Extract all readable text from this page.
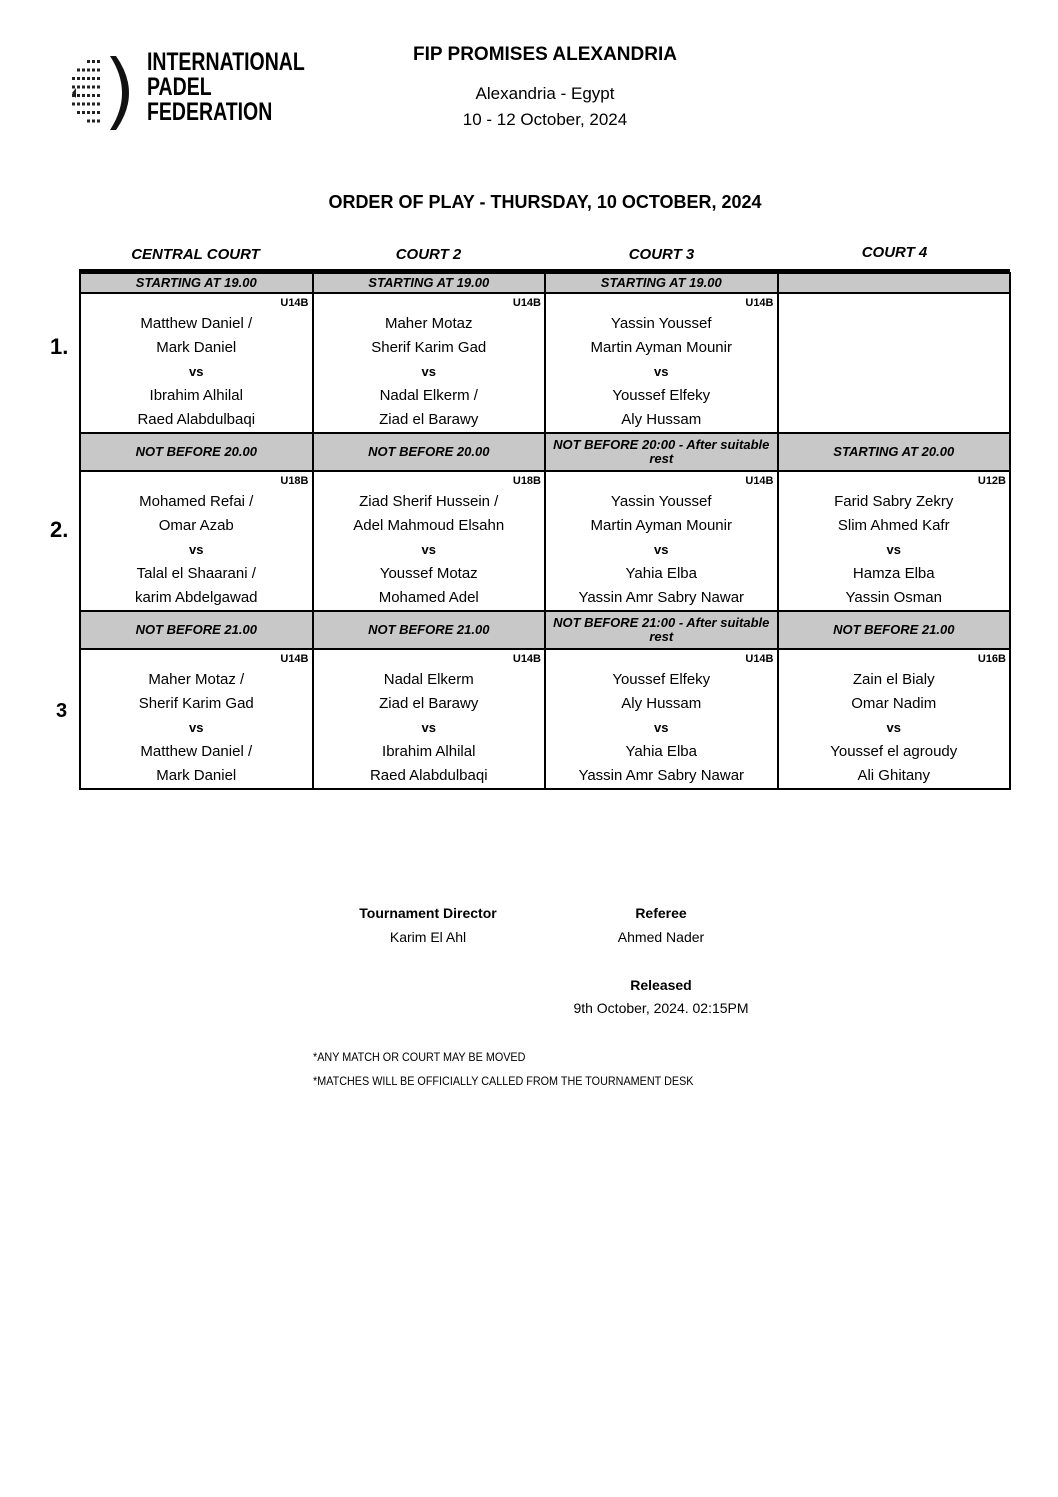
INTERNATIONAL
PADEL
FEDERATION
FIP PROMISES ALEXANDRIA
Alexandria - Egypt
10 - 12 October, 2024
ORDER OF PLAY - THURSDAY, 10 OCTOBER, 2024
CENTRAL COURT	COURT 2	COURT 3	COURT 4
STARTING AT 19.00	STARTING AT 19.00	STARTING AT 19.00	
U14B	U14B	U14B	
Matthew Daniel /	Maher Motaz	Yassin Youssef	
Mark Daniel	Sherif Karim Gad	Martin Ayman Mounir	
vs	vs	vs	
Ibrahim Alhilal	Nadal Elkerm /	Youssef Elfeky	
Raed Alabdulbaqi	Ziad el Barawy	Aly Hussam	
NOT BEFORE 20.00	NOT BEFORE 20.00	NOT BEFORE 20:00 - After suitable rest	STARTING AT 20.00
U18B	U18B	U14B	U12B
Mohamed Refai /	Ziad Sherif Hussein /	Yassin Youssef	Farid Sabry Zekry
Omar Azab	Adel Mahmoud Elsahn	Martin Ayman Mounir	Slim Ahmed Kafr
vs	vs	vs	vs
Talal el Shaarani /	Youssef Motaz	Yahia Elba	Hamza Elba
karim Abdelgawad	Mohamed Adel	Yassin Amr Sabry Nawar	Yassin Osman
NOT BEFORE 21.00	NOT BEFORE 21.00	NOT BEFORE 21:00 - After suitable rest	NOT BEFORE 21.00
U14B	U14B	U14B	U16B
Maher Motaz /	Nadal Elkerm	Youssef Elfeky	Zain el Bialy
Sherif Karim Gad	Ziad el Barawy	Aly Hussam	Omar Nadim
vs	vs	vs	vs
Matthew Daniel /	Ibrahim Alhilal	Yahia Elba	Youssef el agroudy
Mark Daniel	Raed Alabdulbaqi	Yassin Amr Sabry Nawar	Ali Ghitany
1.
2.
3
Tournament Director
Karim El Ahl
Referee
Ahmed Nader
Released
9th October, 2024. 02:15PM
*ANY MATCH OR COURT MAY BE MOVED
*MATCHES WILL BE OFFICIALLY CALLED FROM THE TOURNAMENT DESK
